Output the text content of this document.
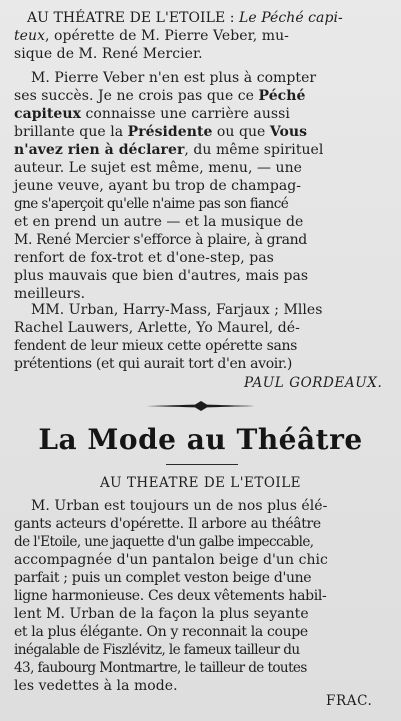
AU THÉATRE DE L'ETOILE : Le Péché capi-
teux, opérette de M. Pierre Veber, mu-
sique de M. René Mercier.
M. Pierre Veber n'en est plus à compter
ses succès. Je ne crois pas que ce Péché
capiteux connaisse une carrière aussi
brillante que la Présidente ou que Vous
n'avez rien à déclarer, du même spirituel
auteur. Le sujet est même, menu, — une
jeune veuve, ayant bu trop de champag-
gne s'aperçoit qu'elle n'aime pas son fiancé
et en prend un autre — et la musique de
M. René Mercier s'efforce à plaire, à grand
renfort de fox-trot et d'one-step, pas
plus mauvais que bien d'autres, mais pas
meilleurs.
MM. Urban, Harry-Mass, Farjaux ; Mlles
Rachel Lauwers, Arlette, Yo Maurel, dé-
fendent de leur mieux cette opérette sans
prétentions (et qui aurait tort d'en avoir.)
PAUL GORDEAUX.
La Mode au Théâtre
AU THEATRE DE L'ETOILE
M. Urban est toujours un de nos plus élé-
gants acteurs d'opérette. Il arbore au théâtre
de l'Etoile, une jaquette d'un galbe impeccable,
accompagnée d'un pantalon beige d'un chic
parfait ; puis un complet veston beige d'une
ligne harmonieuse. Ces deux vêtements habil-
lent M. Urban de la façon la plus seyante
et la plus élégante. On y reconnait la coupe
inégalable de Fiszlévitz, le fameux tailleur du
43, faubourg Montmartre, le tailleur de toutes
les vedettes à la mode.
FRAC.
